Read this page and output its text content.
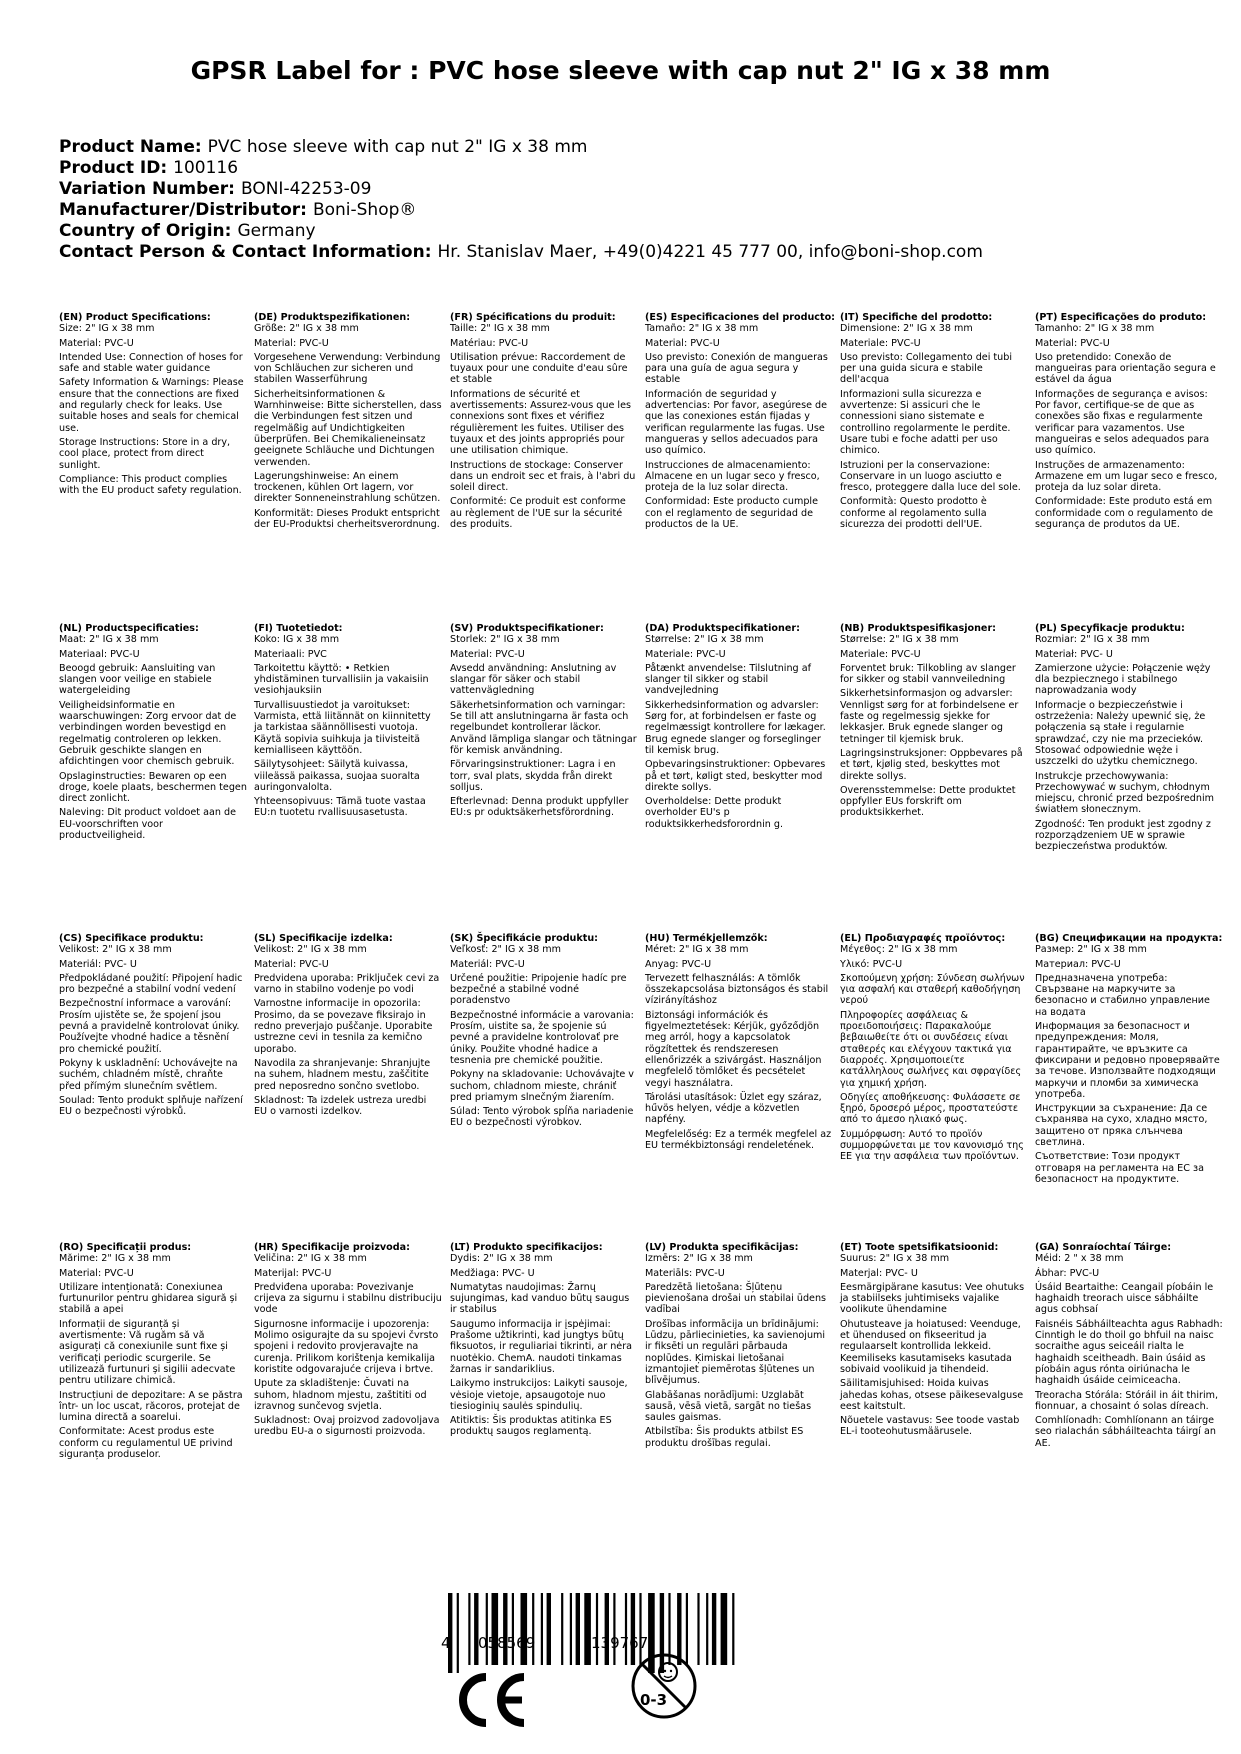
GPSR Label for : PVC hose sleeve with cap nut 2" IG x 38 mm
Product Name: PVC hose sleeve with cap nut 2" IG x 38 mm
Product ID: 100116
Variation Number: BONI-42253-09
Manufacturer/Distributor: Boni-Shop®
Country of Origin: Germany
Contact Person & Contact Information: Hr. Stanislav Maer, +49(0)4221 45 777 00, info@boni-shop.com
(EN) Product Specifications:

Size: 2" IG x 38 mm

Material: PVC-U

Intended Use: Connection of hoses for safe and stable water guidance

Safety Information & Warnings: Please ensure that the connections are fixed and regularly check for leaks. Use suitable hoses and seals for chemical use.

Storage Instructions: Store in a dry, cool place, protect from direct sunlight.

Compliance: This product complies with the EU product safety regulation.

(DE) Produktspezifikationen:

Größe: 2" IG x 38 mm

Material: PVC-U

Vorgesehene Verwendung: Verbindung von Schläuchen zur sicheren und stabilen Wasserführung

Sicherheitsinformationen & Warnhinweise: Bitte sicherstellen, dass die Verbindungen fest sitzen und regelmäßig auf Undichtigkeiten überprüfen. Bei Chemikalieneinsatz geeignete Schläuche und Dichtungen verwenden.

Lagerungshinweise: An einem trockenen, kühlen Ort lagern, vor direkter Sonneneinstrahlung schützen.

Konformität: Dieses Produkt entspricht der EU-Produktsi cherheitsverordnung.

(FR) Spécifications du produit:

Taille: 2" IG x 38 mm

Matériau: PVC-U

Utilisation prévue: Raccordement de tuyaux pour une conduite d'eau sûre et stable

Informations de sécurité et avertissements: Assurez-vous que les connexions sont fixes et vérifiez régulièrement les fuites. Utiliser des tuyaux et des joints appropriés pour une utilisation chimique.

Instructions de stockage: Conserver dans un endroit sec et frais, à l'abri du soleil direct.

Conformité: Ce produit est conforme au règlement de l'UE sur la sécurité des produits.

(ES) Especificaciones del producto:

Tamaño: 2" IG x 38 mm

Material: PVC-U

Uso previsto: Conexión de mangueras para una guía de agua segura y estable

Información de seguridad y advertencias: Por favor, asegúrese de que las conexiones están fijadas y verifican regularmente las fugas. Use mangueras y sellos adecuados para uso químico.

Instrucciones de almacenamiento: Almacene en un lugar seco y fresco, proteja de la luz solar directa.

Conformidad: Este producto cumple con el reglamento de seguridad de productos de la UE.

(IT) Specifiche del prodotto:

Dimensione: 2" IG x 38 mm

Materiale: PVC-U

Uso previsto: Collegamento dei tubi per una guida sicura e stabile dell'acqua

Informazioni sulla sicurezza e avvertenze: Si assicuri che le connessioni siano sistemate e controllino regolarmente le perdite. Usare tubi e foche adatti per uso chimico.

Istruzioni per la conservazione: Conservare in un luogo asciutto e fresco, proteggere dalla luce del sole.

Conformità: Questo prodotto è conforme al regolamento sulla sicurezza dei prodotti dell'UE.

(PT) Especificações do produto:

Tamanho: 2" IG x 38 mm

Material: PVC-U

Uso pretendido: Conexão de mangueiras para orientação segura e estável da água

Informações de segurança e avisos: Por favor, certifique-se de que as conexões são fixas e regularmente verificar para vazamentos. Use mangueiras e selos adequados para uso químico.

Instruções de armazenamento: Armazene em um lugar seco e fresco, proteja da luz solar direta.

Conformidade: Este produto está em conformidade com o regulamento de segurança de produtos da UE.

(NL) Productspecificaties:

Maat: 2" IG x 38 mm

Materiaal: PVC-U

Beoogd gebruik: Aansluiting van slangen voor veilige en stabiele watergeleiding

Veiligheidsinformatie en waarschuwingen: Zorg ervoor dat de verbindingen worden bevestigd en regelmatig controleren op lekken. Gebruik geschikte slangen en afdichtingen voor chemisch gebruik.

Opslaginstructies: Bewaren op een droge, koele plaats, beschermen tegen direct zonlicht.

Naleving: Dit product voldoet aan de EU-voorschriften voor productveiligheid.

(FI) Tuotetiedot:

Koko: IG x 38 mm

Materiaali: PVC

Tarkoitettu käyttö: • Retkien yhdistäminen turvallisiin ja vakaisiin vesiohjauksiin

Turvallisuustiedot ja varoitukset: Varmista, että liitännät on kiinnitetty ja tarkistaa säännöllisesti vuotoja. Käytä sopivia suihkuja ja tiivisteitä kemialliseen käyttöön.

Säilytysohjeet: Säilytä kuivassa, viileässä paikassa, suojaa suoralta auringonvalolta.

Yhteensopivuus: Tämä tuote vastaa EU:n tuotetu rvallisuusasetusta.

(SV) Produktspecifikationer:

Storlek: 2" IG x 38 mm

Material: PVC-U

Avsedd användning: Anslutning av slangar för säker och stabil vattenvägledning

Säkerhetsinformation och varningar: Se till att anslutningarna är fasta och regelbundet kontrollerar läckor. Använd lämpliga slangar och tätningar för kemisk användning.

Förvaringsinstruktioner: Lagra i en torr, sval plats, skydda från direkt solljus.

Efterlevnad: Denna produkt uppfyller EU:s pr oduktsäkerhetsförordning.

(DA) Produktspecifikationer:

Størrelse: 2" IG x 38 mm

Materiale: PVC-U

Påtænkt anvendelse: Tilslutning af slanger til sikker og stabil vandvejledning

Sikkerhedsinformation og advarsler: Sørg for, at forbindelsen er faste og regelmæssigt kontrollere for lækager. Brug egnede slanger og forseglinger til kemisk brug.

Opbevaringsinstruktioner: Opbevares på et tørt, køligt sted, beskytter mod direkte sollys.

Overholdelse: Dette produkt overholder EU's p roduktsikkerhedsforordnin g.

(NB) Produktspesifikasjoner:

Størrelse: 2" IG x 38 mm

Materiale: PVC-U

Forventet bruk: Tilkobling av slanger for sikker og stabil vannveiledning

Sikkerhetsinformasjon og advarsler: Vennligst sørg for at forbindelsene er faste og regelmessig sjekke for lekkasjer. Bruk egnede slanger og tetninger til kjemisk bruk.

Lagringsinstruksjoner: Oppbevares på et tørt, kjølig sted, beskyttes mot direkte sollys.

Overensstemmelse: Dette produktet oppfyller EUs forskrift om produktsikkerhet.

(PL) Specyfikacje produktu:

Rozmiar: 2" IG x 38 mm

Materiał: PVC- U

Zamierzone użycie: Połączenie węży dla bezpiecznego i stabilnego naprowadzania wody

Informacje o bezpieczeństwie i ostrzeżenia: Należy upewnić się, że połączenia są stałe i regularnie sprawdzać, czy nie ma przecieków. Stosować odpowiednie węże i uszczelki do użytku chemicznego.

Instrukcje przechowywania: Przechowywać w suchym, chłodnym miejscu, chronić przed bezpośrednim światłem słonecznym.

Zgodność: Ten produkt jest zgodny z rozporządzeniem UE w sprawie bezpieczeństwa produktów.

(CS) Specifikace produktu:

Velikost: 2" IG x 38 mm

Materiál: PVC- U

Předpokládané použití: Připojení hadic pro bezpečné a stabilní vodní vedení

Bezpečnostní informace a varování: Prosím ujistěte se, že spojení jsou pevná a pravidelně kontrolovat úniky. Používejte vhodné hadice a těsnění pro chemické použití.

Pokyny k uskladnění: Uchovávejte na suchém, chladném místě, chraňte před přímým slunečním světlem.

Soulad: Tento produkt splňuje nařízení EU o bezpečnosti výrobků.

(SL) Specifikacije izdelka:

Velikost: 2" IG x 38 mm

Material: PVC-U

Predvidena uporaba: Priključek cevi za varno in stabilno vodenje po vodi

Varnostne informacije in opozorila: Prosimo, da se povezave fiksirajo in redno preverjajo puščanje. Uporabite ustrezne cevi in tesnila za kemično uporabo.

Navodila za shranjevanje: Shranjujte na suhem, hladnem mestu, zaščitite pred neposredno sončno svetlobo.

Skladnost: Ta izdelek ustreza uredbi EU o varnosti izdelkov.

(SK) Špecifikácie produktu:

Veľkosť: 2" IG x 38 mm

Materiál: PVC-U

Určené použitie: Pripojenie hadíc pre bezpečné a stabilné vodné poradenstvo

Bezpečnostné informácie a varovania: Prosím, uistite sa, že spojenie sú pevné a pravidelne kontrolovať pre úniky. Použite vhodné hadice a tesnenia pre chemické použitie.

Pokyny na skladovanie: Uchovávajte v suchom, chladnom mieste, chrániť pred priamym slnečným žiarením.

Súlad: Tento výrobok spĺňa nariadenie EU o bezpečnosti výrobkov.

(HU) Termékjellemzők:

Méret: 2" IG x 38 mm

Anyag: PVC-U

Tervezett felhasználás: A tömlők összekapcsolása biztonságos és stabil vízirányításhoz

Biztonsági információk és figyelmeztetések: Kérjük, győződjön meg arról, hogy a kapcsolatok rögzítettek és rendszeresen ellenőrizzék a szivárgást. Használjon megfelelő tömlőket és pecsételet vegyi használatra.

Tárolási utasítások: Üzlet egy száraz, hűvös helyen, védje a közvetlen napfény.

Megfelelőség: Ez a termék megfelel az EU termékbiztonsági rendeletének.

(EL) Προδιαγραφές προϊόντος:

Μέγεθος: 2" IG x 38 mm

Υλικό: PVC-U

Σκοπούμενη χρήση: Σύνδεση σωλήνων για ασφαλή και σταθερή καθοδήγηση νερού

Πληροφορίες ασφάλειας & προειδοποιήσεις: Παρακαλούμε βεβαιωθείτε ότι οι συνδέσεις είναι σταθερές και ελέγχουν τακτικά για διαρροές. Χρησιμοποιείτε κατάλληλους σωλήνες και σφραγίδες για χημική χρήση.

Οδηγίες αποθήκευσης: Φυλάσσετε σε ξηρό, δροσερό μέρος, προστατεύστε από το άμεσο ηλιακό φως.

Συμμόρφωση: Αυτό το προϊόν συμμορφώνεται με τον κανονισμό της ΕΕ για την ασφάλεια των προϊόντων.

(BG) Спецификации на продукта:

Размер: 2" IG x 38 mm

Материал: PVC-U

Предназначена употреба: Свързване на маркучите за безопасно и стабилно управление на водата

Информация за безопасност и предупреждения: Моля, гарантирайте, че връзките са фиксирани и редовно проверявайте за течове. Използвайте подходящи маркучи и пломби за химическа употреба.

Инструкции за съхранение: Да се съхранява на сухо, хладно място, защитено от пряка слънчева светлина.

Съответствие: Този продукт отговаря на регламента на ЕС за безопасност на продуктите.

(RO) Specificații produs:

Mărime: 2" IG x 38 mm

Material: PVC-U

Utilizare intenționată: Conexiunea furtunurilor pentru ghidarea sigură și stabilă a apei

Informații de siguranță și avertismente: Vă rugăm să vă asigurați că conexiunile sunt fixe și verificați periodic scurgerile. Se utilizează furtunuri și sigilii adecvate pentru utilizare chimică.

Instrucțiuni de depozitare: A se păstra într- un loc uscat, răcoros, protejat de lumina directă a soarelui.

Conformitate: Acest produs este conform cu regulamentul UE privind siguranța produselor.

(HR) Specifikacije proizvoda:

Veličina: 2" IG x 38 mm

Materijal: PVC-U

Predviđena uporaba: Povezivanje crijeva za sigurnu i stabilnu distribuciju vode

Sigurnosne informacije i upozorenja: Molimo osigurajte da su spojevi čvrsto spojeni i redovito provjeravajte na curenja. Prilikom korištenja kemikalija koristite odgovarajuće crijeva i brtve.

Upute za skladištenje: Čuvati na suhom, hladnom mjestu, zaštititi od izravnog sunčevog svjetla.

Sukladnost: Ovaj proizvod zadovoljava uredbu EU-a o sigurnosti proizvoda.

(LT) Produkto specifikacijos:

Dydis: 2" IG x 38 mm

Medžiaga: PVC- U

Numatytas naudojimas: Žarnų sujungimas, kad vanduo būtų saugus ir stabilus

Saugumo informacija ir įspėjimai: Prašome užtikrinti, kad jungtys būtų fiksuotos, ir reguliariai tikrinti, ar nėra nuotėkio. ChemA. naudoti tinkamas žarnas ir sandariklius.

Laikymo instrukcijos: Laikyti sausoje, vėsioje vietoje, apsaugotoje nuo tiesioginių saulės spindulių.

Atitiktis: Šis produktas atitinka ES produktų saugos reglamentą.

(LV) Produkta specifikācijas:

Izmērs: 2" IG x 38 mm

Materiāls: PVC-U

Paredzētā lietošana: Šļūteņu pievienošana drošai un stabilai ūdens vadībai

Drošības informācija un brīdinājumi: Lūdzu, pārliecinieties, ka savienojumi ir fiksēti un regulāri pārbauda noplūdes. Ķimiskai lietošanai izmantojiet piemērotas šļūtenes un blīvējumus.

Glabāšanas norādījumi: Uzglabāt sausā, vēsā vietā, sargāt no tiešas saules gaismas.

Atbilstība: Šis produkts atbilst ES produktu drošības regulai.

(ET) Toote spetsifikatsioonid:

Suurus: 2" IG x 38 mm

Materjal: PVC- U

Eesmärgipärane kasutus: Vee ohutuks ja stabiilseks juhtimiseks vajalike voolikute ühendamine

Ohutusteave ja hoiatused: Veenduge, et ühendused on fikseeritud ja regulaarselt kontrollida lekkeid. Keemiliseks kasutamiseks kasutada sobivaid voolikuid ja tihendeid.

Säilitamisjuhised: Hoida kuivas jahedas kohas, otsese päikesevalguse eest kaitstult.

Nõuetele vastavus: See toode vastab EL-i tooteohutusmäärusele.

(GA) Sonraíochtaí Táirge:

Méid: 2 " x 38 mm

Ábhar: PVC-U

Úsáid Beartaithe: Ceangail píobáin le haghaidh treorach uisce sábháilte agus cobhsaí

Faisnéis Sábháilteachta agus Rabhadh: Cinntigh le do thoil go bhfuil na naisc socraithe agus seiceáil rialta le haghaidh sceitheadh. Bain úsáid as píobáin agus rónta oiriúnacha le haghaidh úsáide ceimiceacha.

Treoracha Stórála: Stóráil in áit thirim, fionnuar, a chosaint ó solas díreach.

Comhlíonadh: Comhlíonann an táirge seo rialachán sábháilteachta táirgí an AE.

4 058569	139767
0-3
